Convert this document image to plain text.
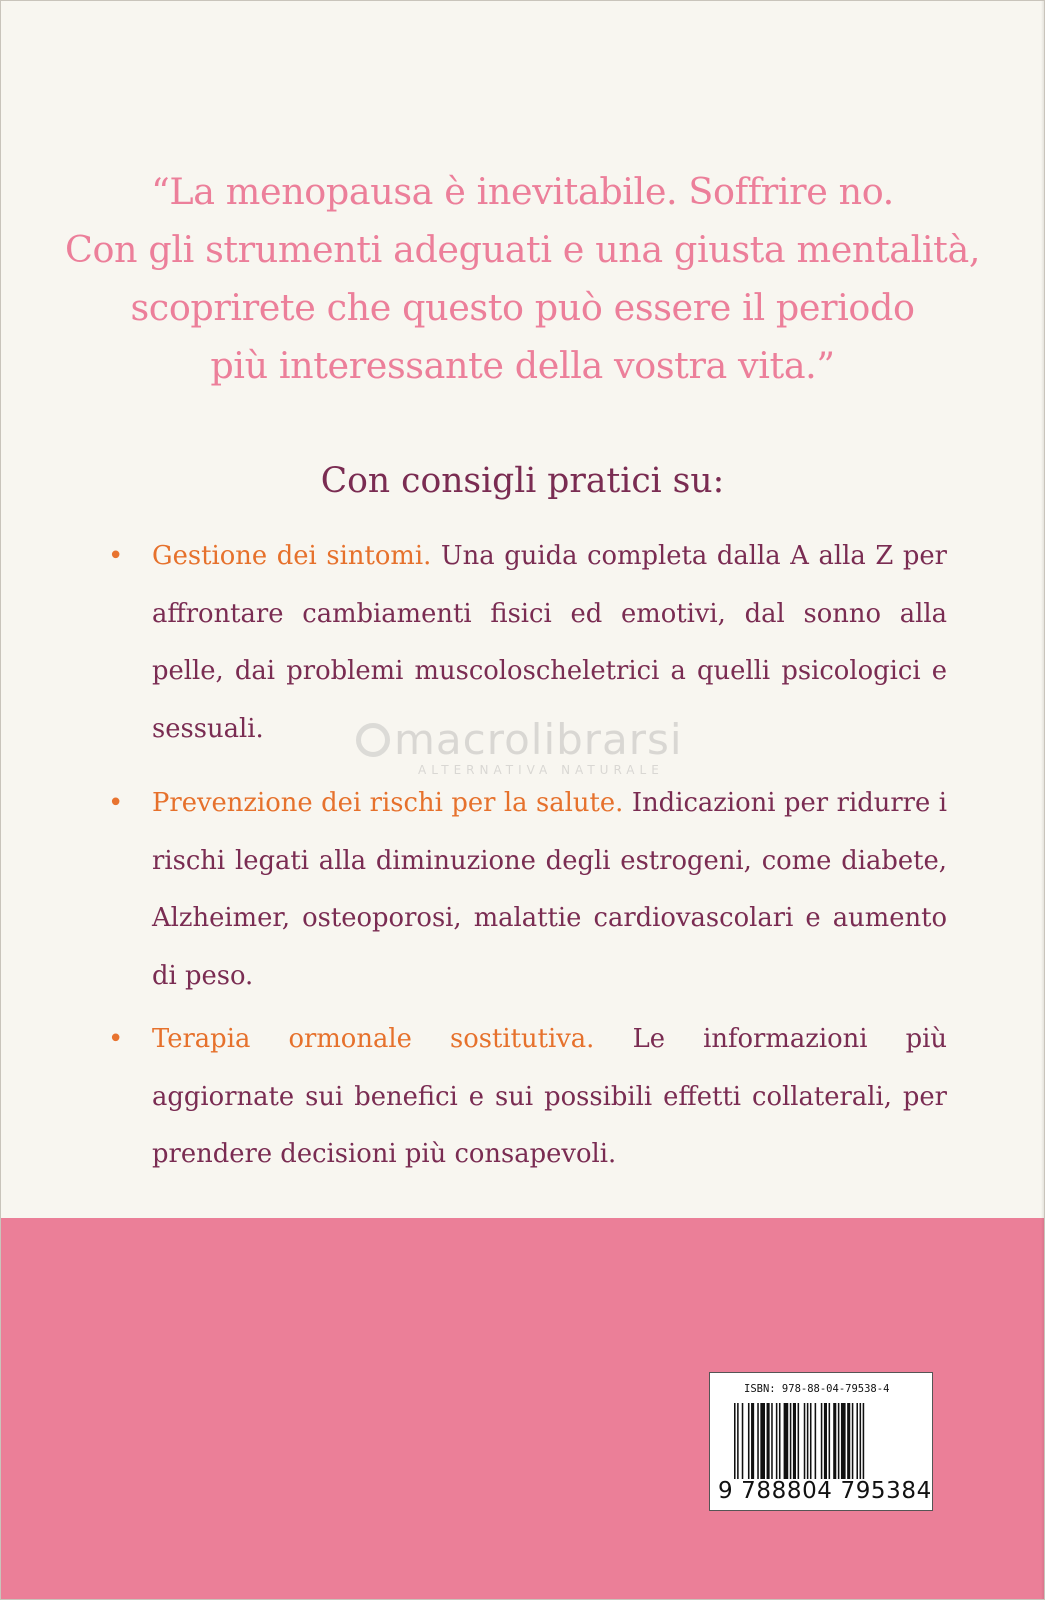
“La menopausa è inevitabile. Soffrire no.
Con gli strumenti adeguati e una giusta mentalità,
scoprirete che questo può essere il periodo
più interessante della vostra vita.”
Con consigli pratici su:
• Gestione dei sintomi. Una guida completa dalla A alla Z per affrontare cambiamenti fisici ed emotivi, dal sonno alla pelle, dai problemi muscoloscheletrici a quelli psicologici e sessuali.
• Prevenzione dei rischi per la salute. Indicazioni per ridurre i rischi legati alla diminuzione degli estrogeni, come diabete, Alzheimer, osteoporosi, malattie cardiovascolari e aumento di peso.
• Terapia ormonale sostitutiva. Le informazioni più aggiornate sui benefici e sui possibili effetti collaterali, per prendere decisioni più consapevoli.
macrolibrarsi
ALTERNATIVA NATURALE
ISBN: 978-88-04-79538-4
9 788804 795384
